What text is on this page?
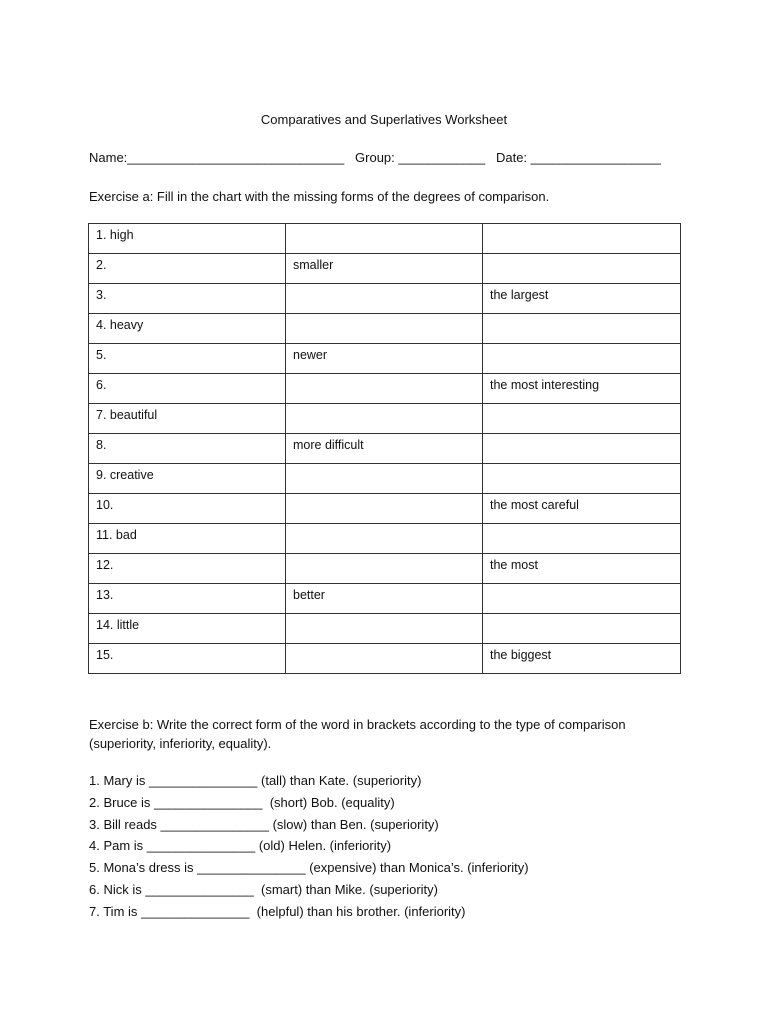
Comparatives and Superlatives Worksheet
Name:______________________________   Group: ____________   Date: __________________
Exercise a: Fill in the chart with the missing forms of the degrees of comparison.
1. high		
2.	smaller	
3.		the largest
4. heavy		
5.	newer	
6.		the most interesting
7. beautiful		
8.	more difficult	
9. creative		
10.		the most careful
11. bad		
12.		the most
13.	better	
14. little		
15.		the biggest
Exercise b: Write the correct form of the word in brackets according to the type of comparison (superiority, inferiority, equality).
1. Mary is _______________ (tall) than Kate. (superiority)
2. Bruce is _______________  (short) Bob. (equality)
3. Bill reads _______________ (slow) than Ben. (superiority)
4. Pam is _______________ (old) Helen. (inferiority)
5. Mona’s dress is _______________ (expensive) than Monica’s. (inferiority)
6. Nick is _______________  (smart) than Mike. (superiority)
7. Tim is _______________  (helpful) than his brother. (inferiority)
